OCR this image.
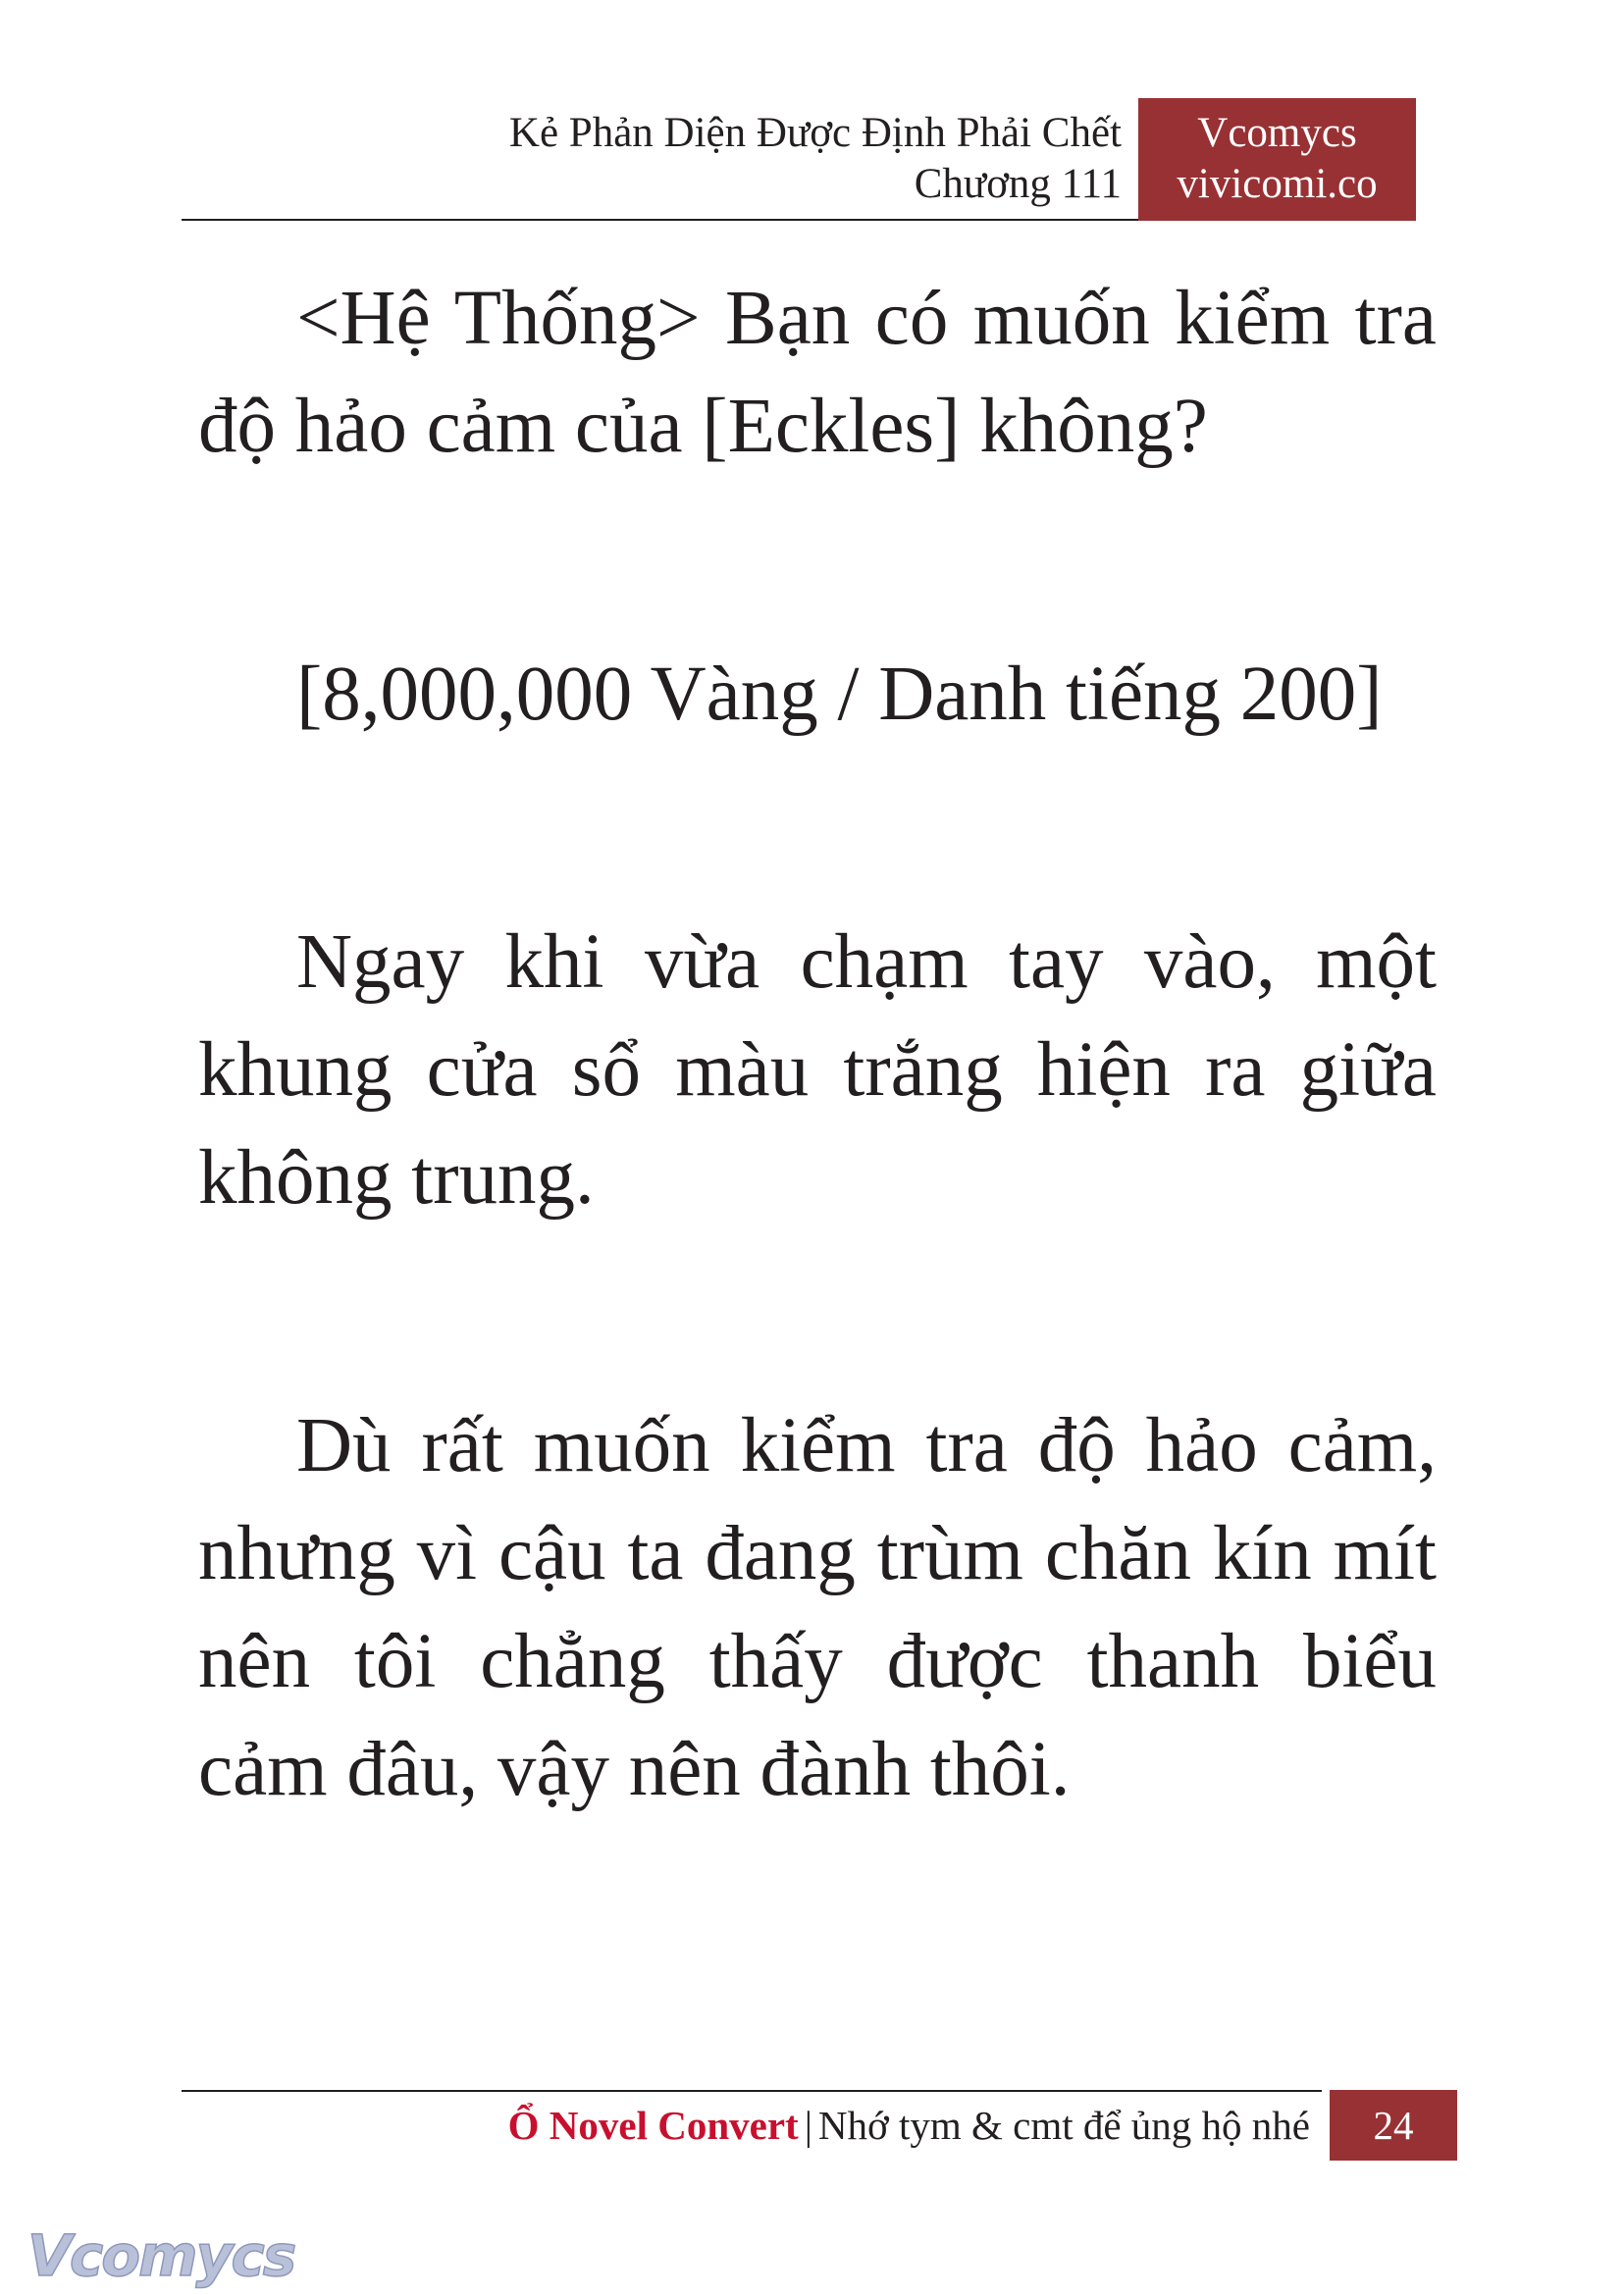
Kẻ Phản Diện Được Định Phải Chết
Chương 111
Vcomycs
vivicomi.co

<Hệ Thống> Bạn có muốn kiểm tra độ hảo cảm của [Eckles] không?

[8,000,000 Vàng / Danh tiếng 200]

Ngay khi vừa chạm tay vào, một khung cửa sổ màu trắng hiện ra giữa không trung.

Dù rất muốn kiểm tra độ hảo cảm, nhưng vì cậu ta đang trùm chăn kín mít nên tôi chẳng thấy được thanh biểu cảm đâu, vậy nên đành thôi.

Ổ Novel Convert | Nhớ tym & cmt để ủng hộ nhé	24
Vcomycs
